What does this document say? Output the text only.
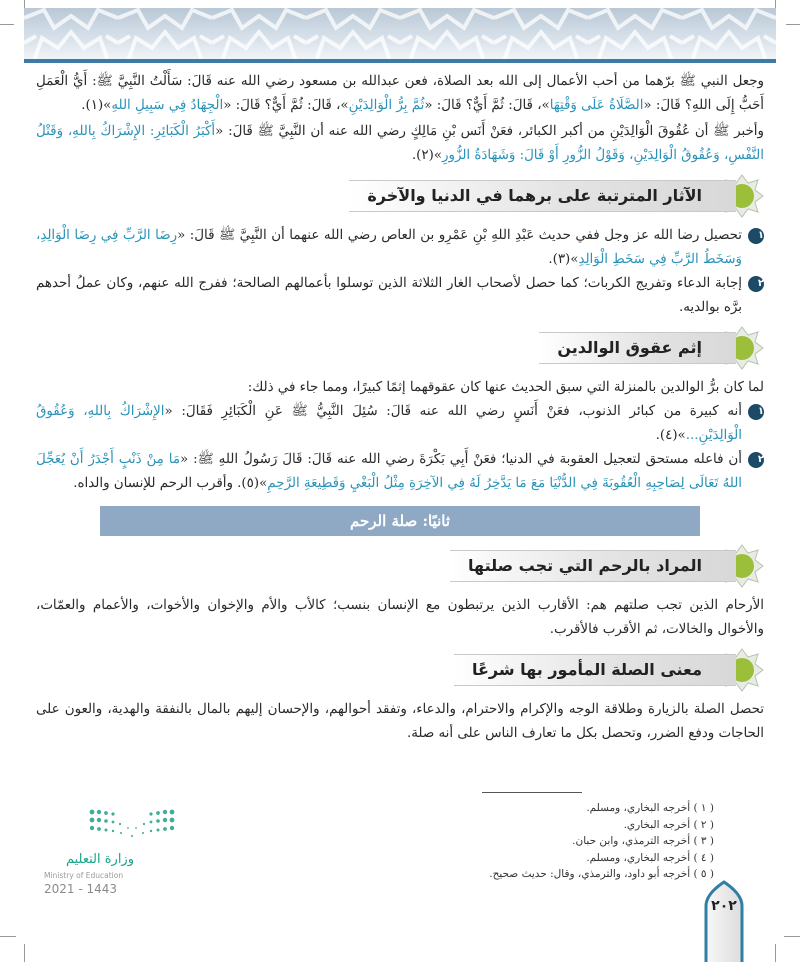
وجعل النبي ﷺ برّهما من أحب الأعمال إلى الله بعد الصلاة، فعن عبدالله بن مسعود رضي الله عنه قَالَ: سَأَلْتُ النَّبِيَّ ﷺ: أَيُّ الْعَمَلِ أَحَبُّ إِلَى اللهِ؟ قَالَ: «الصَّلَاةُ عَلَى وَقْتِهَا»، قَالَ: ثُمَّ أَيٌّ؟ قَالَ: «ثُمَّ بِرُّ الْوَالِدَيْنِ»، قَالَ: ثُمَّ أَيٌّ؟ قَالَ: «الْجِهَادُ فِي سَبِيلِ اللهِ»(١).

وأخبر ﷺ أن عُقُوقَ الْوَالِدَيْنِ من أكبر الكبائر، فعَنْ أَنَس بْنِ مَالِكٍ رضي الله عنه أن النَّبِيَّ ﷺ قَالَ: «أَكْبَرُ الْكَبَائِرِ: الإِشْرَاكُ بِاللهِ، وَقَتْلُ النَّفْسِ، وَعُقُوقُ الْوَالِدَيْنِ، وَقَوْلُ الزُّورِ أَوْ قَالَ: وَشَهَادَةُ الزُّورِ»(٢).

الآثار المترتبة على برهما في الدنيا والآخرة
١
تحصيل رضا الله عز وجل ففي حديث عَبْدِ اللهِ بْنِ عَمْرِو بن العاص رضي الله عنهما أن النَّبِيَّ ﷺ قَالَ: «رِضَا الرَّبِّ فِي رِضَا الْوَالِدِ، وَسَخَطُ الرَّبِّ فِي سَخَطِ الْوَالِدِ»(٣).
٢
إجابة الدعاء وتفريج الكربات؛ كما حصل لأصحاب الغار الثلاثة الذين توسلوا بأعمالهم الصالحة؛ ففرج الله عنهم، وكان عملُ أحدهم برَّه بوالديه.
إثم عقوق الوالدين

لما كان برُّ الوالدين بالمنزلة التي سبق الحديث عنها كان عقوقهما إثمًا كبيرًا، ومما جاء في ذلك:

١
أنه كبيرة من كبائر الذنوب، فعَنْ أَنَسٍ رضي الله عنه قَالَ: سُئِلَ النَّبِيُّ ﷺ عَنِ الْكَبَائِرِ فَقَالَ: «الإِشْرَاكُ بِاللهِ، وَعُقُوقُ الْوَالِدَيْنِ...»(٤).
٢
أن فاعله مستحق لتعجيل العقوبة في الدنيا؛ فعَنْ أَبِي بَكْرَةَ رضي الله عنه قَالَ: قَالَ رَسُولُ اللهِ ﷺ: «مَا مِنْ ذَنْبٍ أَجْدَرُ أَنْ يُعَجِّلَ اللهُ تَعَالَى لِصَاحِبِهِ الْعُقُوبَةَ فِي الدُّنْيَا مَعَ مَا يَدَّخِرُ لَهُ فِي الآخِرَةِ مِثْلُ الْبَغْيِ وَقَطِيعَةِ الرَّحِمِ»(٥). وأقرب الرحم للإنسان والداه.
ثانيًا: صلة الرحم
المراد بالرحم التي تجب صلتها

الأرحام الذين تجب صلتهم هم: الأقارب الذين يرتبطون مع الإنسان بنسب؛ كالأب والأم والإخوان والأخوات، والأعمام والعمّات، والأخوال والخالات، ثم الأقرب فالأقرب.

معنى الصلة المأمور بها شرعًا

تحصل الصلة بالزيارة وطلاقة الوجه والإكرام والاحترام، والدعاء، وتفقد أحوالهم، والإحسان إليهم بالمال بالنفقة والهدية، والعون على الحاجات ودفع الضرر، وتحصل بكل ما تعارف الناس على أنه صلة.

( ١ ) أخرجه البخاري، ومسلم.
( ٢ ) أخرجه البخاري.
( ٣ ) أخرجه الترمذي، وابن حبان.
( ٤ ) أخرجه البخاري، ومسلم.
( ٥ ) أخرجه أبو داود، والترمذي، وقال: حديث صحيح.
٢٠٢
وزارة التعليم
Ministry of Education
2021 - 1443
